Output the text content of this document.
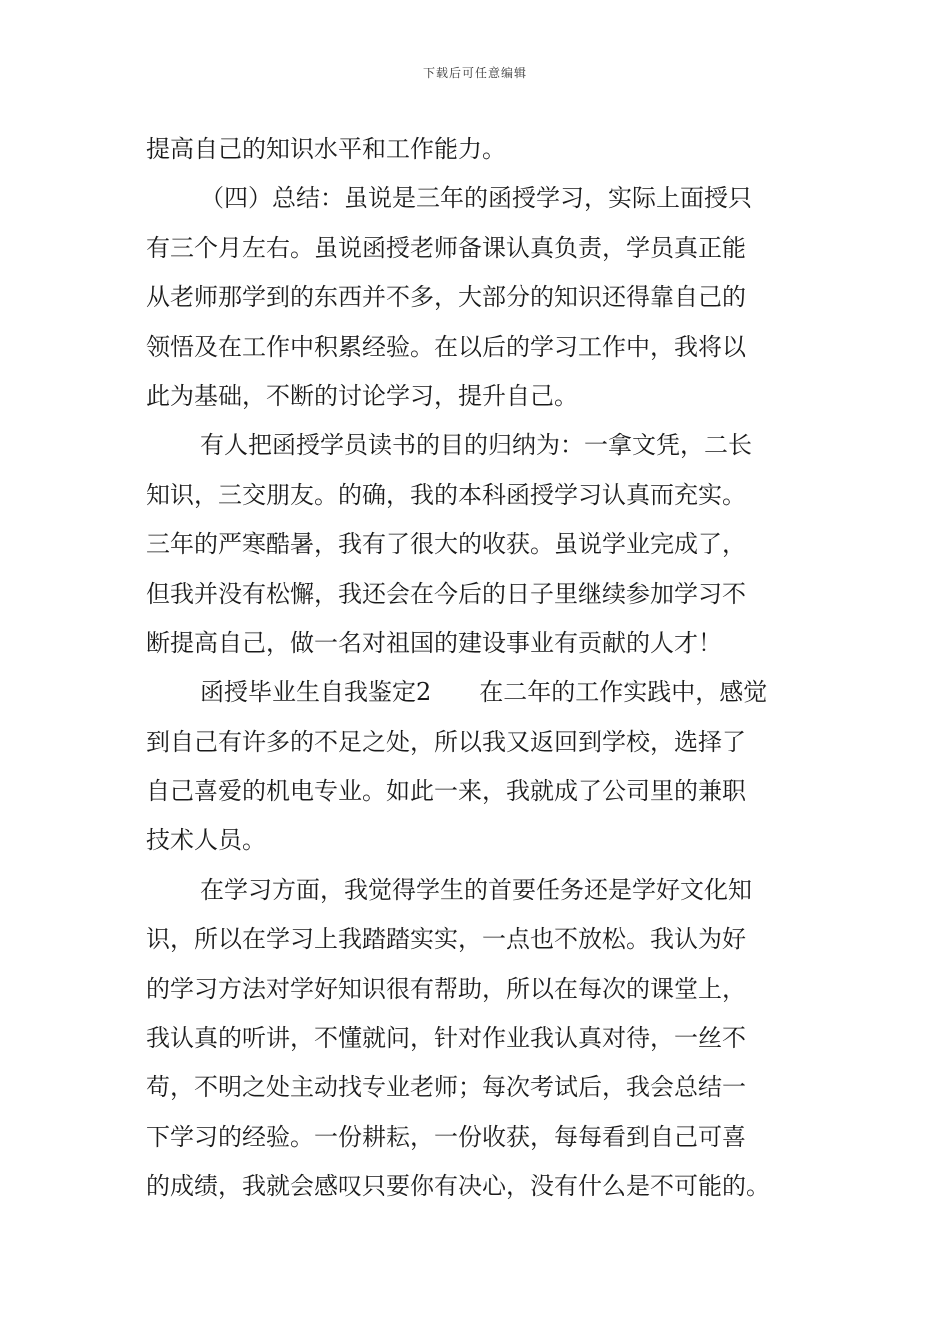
下载后可任意编辑
提高自己的知识水平和工作能力。
（四）总结：虽说是三年的函授学习，实际上面授只
有三个月左右。虽说函授老师备课认真负责，学员真正能
从老师那学到的东西并不多，大部分的知识还得靠自己的
领悟及在工作中积累经验。在以后的学习工作中，我将以
此为基础，不断的讨论学习，提升自己。
有人把函授学员读书的目的归纳为：一拿文凭，二长
知识，三交朋友。的确，我的本科函授学习认真而充实。
三年的严寒酷暑，我有了很大的收获。虽说学业完成了，
但我并没有松懈，我还会在今后的日子里继续参加学习不
断提高自己，做一名对祖国的建设事业有贡献的人才！
函授毕业生自我鉴定2　　在二年的工作实践中，感觉
到自己有许多的不足之处，所以我又返回到学校，选择了
自己喜爱的机电专业。如此一来，我就成了公司里的兼职
技术人员。
在学习方面，我觉得学生的首要任务还是学好文化知
识，所以在学习上我踏踏实实，一点也不放松。我认为好
的学习方法对学好知识很有帮助，所以在每次的课堂上，
我认真的听讲，不懂就问，针对作业我认真对待，一丝不
苟，不明之处主动找专业老师；每次考试后，我会总结一
下学习的经验。一份耕耘，一份收获，每每看到自己可喜
的成绩，我就会感叹只要你有决心，没有什么是不可能的。
